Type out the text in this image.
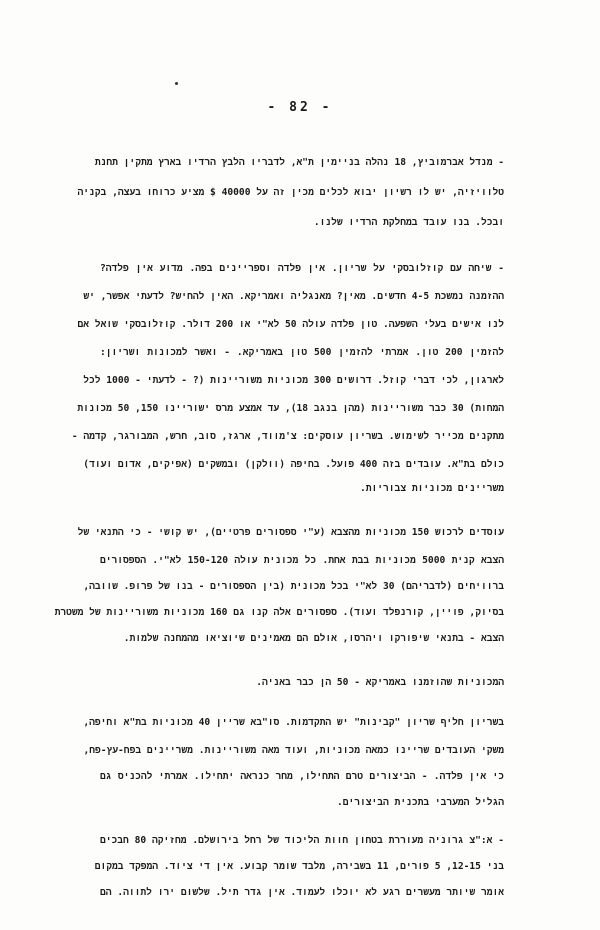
- 82 -
- מנדל אברמוביץ, 18 נהלה בניימין ת"א, לדבריו הלבץ הרדיו בארץ מתקין תחנת
טלוויזיה, יש לו רשיון יבוא לכלים מכין זה על 40000 $ מציע כרוחו בעצה, בקניה
ובכל. בנו עובד במחלקת הרדיו שלנו.
- שיחה עם קוזלובסקי על שריון. אין פלדה וספריינים בפה. מדוע אין פלדה?
ההזמנה נמשכת 4-5 חדשים. מאין? מאנגליה ואמריקא. האין להחיש? לדעתי אפשר, יש
לנו אישים בעלי השפעה. טון פלדה עולה 50 לא"י או 200 דולר. קוזלובסקי שואל אם
להזמין 200 טון. אמרתי להזמין 500 טון באמריקא. - ואשר למכונות ושריון:
לארגון, לכי דברי קוזל. דרושים 300 מכוניות משוריינות (? - לדעתי - 1000 לכל
המחות) 30 כבר משוריינות (מהן בנגב 18), עד אמצע מרס ישוריינו 150, 50 מכונות
מתקנים מכייר לשימוש. בשריון עוסקים: צ'מווד, ארגז, סוב, חרש, המבורגר, קדמה -
כולם בת"א. עובדים בזה 400 פועל. בחיפה (וולקן) ובמשקים (אפיקים, אדום ועוד)
משריינים מכוניות צבוריות.
עוסדים לרכוש 150 מכוניות מהצבא (ע"י ספסורים פרטיים), יש קושי - כי התנאי של
הצבא קנית 5000 מכוניות בבת אחת. כל מכונית עולה 150-120 לא"י. הספסורים
ברוויחים (לדבריהם) 30 לא"י בכל מכונית (בין הספסורים - בנו של פרופ. שוובה,
בסיוק, פויין, קורנפלד ועוד). ספסורים אלה קנו גם 160 מכוניות משוריינות של משטרת
הצבא - בתנאי שיפורקו ויהרסו, אולם הם מאמינים שיוציאו מהמחנה שלמות.
המכוניות שהוזמנו באמריקא - 50 הן כבר באניה.
בשריון חליף שריון "קבינות" יש התקדמות. סו"בא שריין 40 מכוניות בת"א וחיפה,
משקי העובדים שריינו כמאה מכוניות, ועוד מאה משוריינות. משריינים בפח-עץ-פח,
כי אין פלדה. - הביצורים טרם התחילו, מחר כנראה יתחילו. אמרתי להכניס גם
הגליל המערבי בתכנית הביצורים.
- א:"צ גרוניה מעוררת בטחון חוות הליכוד של רחל בירושלם. מחזיקה 80 חבכים
בני 12-15, 5 פורים, 11 בשבירה, מלבד שומר קבוע. אין די ציוד. המפקד במקום
אומר שיותר מעשרים רגע לא יוכלו לעמוד. אין גדר תיל. שלשום ירו לתווה. הם
